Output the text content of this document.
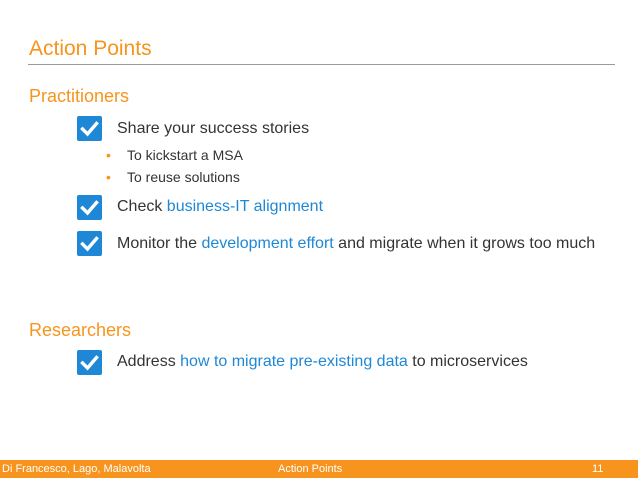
Action Points
Practitioners
Share your success stories
• To kickstart a MSA
• To reuse solutions
Check business-IT alignment
Monitor the development effort and migrate when it grows too much
Researchers
Address how to migrate pre-existing data to microservices
Di Francesco, Lago, Malavolta	Action Points	11
